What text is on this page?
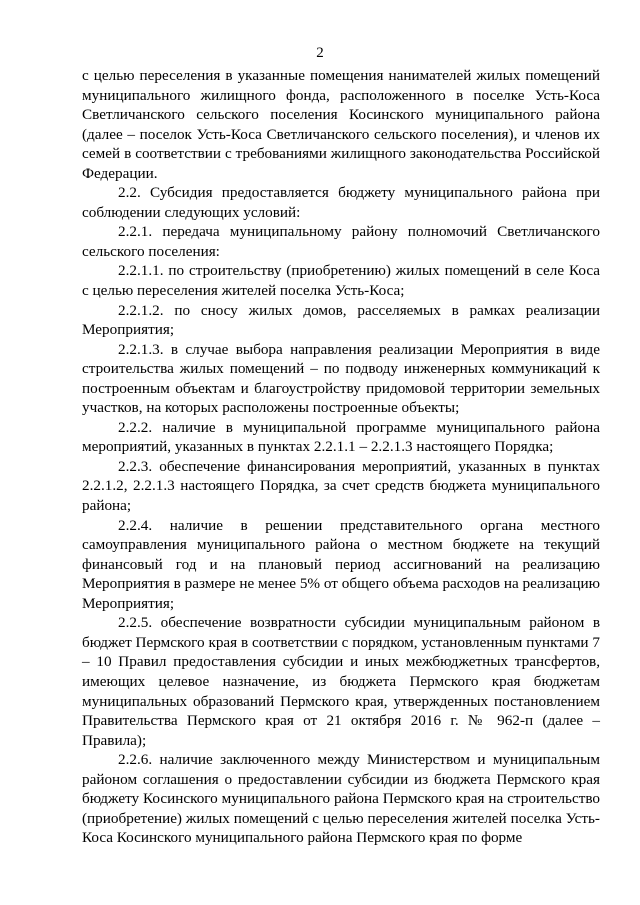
2

с целью переселения в указанные помещения нанимателей жилых помещений муниципального жилищного фонда, расположенного в поселке Усть-Коса Светличанского сельского поселения Косинского муниципального района (далее – поселок Усть-Коса Светличанского сельского поселения), и членов их семей в соответствии с требованиями жилищного законодательства Российской Федерации.

2.2. Субсидия предоставляется бюджету муниципального района при соблюдении следующих условий:

2.2.1. передача муниципальному району полномочий Светличанского сельского поселения:

2.2.1.1. по строительству (приобретению) жилых помещений в селе Коса с целью переселения жителей поселка Усть-Коса;

2.2.1.2. по сносу жилых домов, расселяемых в рамках реализации Мероприятия;

2.2.1.3. в случае выбора направления реализации Мероприятия в виде строительства жилых помещений – по подводу инженерных коммуникаций к построенным объектам и благоустройству придомовой территории земельных участков, на которых расположены построенные объекты;

2.2.2. наличие в муниципальной программе муниципального района мероприятий, указанных в пунктах 2.2.1.1 – 2.2.1.3 настоящего Порядка;

2.2.3. обеспечение финансирования мероприятий, указанных в пунктах 2.2.1.2, 2.2.1.3 настоящего Порядка, за счет средств бюджета муниципального района;

2.2.4. наличие в решении представительного органа местного самоуправления муниципального района о местном бюджете на текущий финансовый год и на плановый период ассигнований на реализацию Мероприятия в размере не менее 5% от общего объема расходов на реализацию Мероприятия;

2.2.5. обеспечение возвратности субсидии муниципальным районом в бюджет Пермского края в соответствии с порядком, установленным пунктами 7 – 10 Правил предоставления субсидии и иных межбюджетных трансфертов, имеющих целевое назначение, из бюджета Пермского края бюджетам муниципальных образований Пермского края, утвержденных постановлением Правительства Пермского края от 21 октября 2016 г. № 962-п (далее – Правила);

2.2.6. наличие заключенного между Министерством и муниципальным районом соглашения о предоставлении субсидии из бюджета Пермского края бюджету Косинского муниципального района Пермского края на строительство (приобретение) жилых помещений с целью переселения жителей поселка Усть-Коса Косинского муниципального района Пермского края по форме
